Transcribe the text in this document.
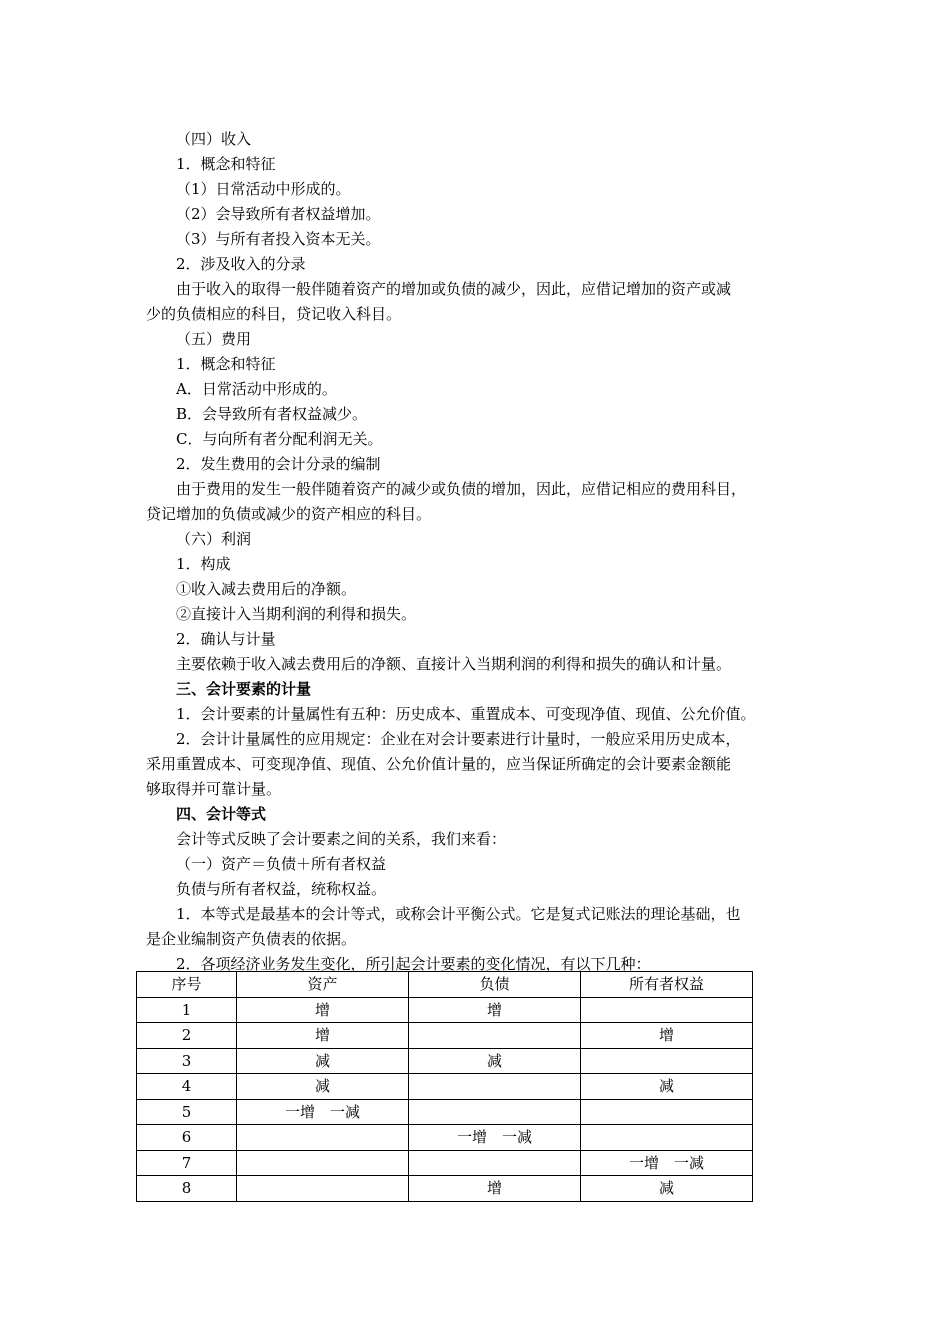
（四）收入

1．概念和特征

（1）日常活动中形成的。

（2）会导致所有者权益增加。

（3）与所有者投入资本无关。

2．涉及收入的分录

由于收入的取得一般伴随着资产的增加或负债的减少，因此，应借记增加的资产或减

少的负债相应的科目，贷记收入科目。

（五）费用

1．概念和特征

A．日常活动中形成的。

B．会导致所有者权益减少。

C．与向所有者分配利润无关。

2．发生费用的会计分录的编制

由于费用的发生一般伴随着资产的减少或负债的增加，因此，应借记相应的费用科目，

贷记增加的负债或减少的资产相应的科目。

（六）利润

1．构成

①收入减去费用后的净额。

②直接计入当期利润的利得和损失。

2．确认与计量

主要依赖于收入减去费用后的净额、直接计入当期利润的利得和损失的确认和计量。

三、会计要素的计量

1．会计要素的计量属性有五种：历史成本、重置成本、可变现净值、现值、公允价值。

2．会计计量属性的应用规定：企业在对会计要素进行计量时，一般应采用历史成本，

采用重置成本、可变现净值、现值、公允价值计量的，应当保证所确定的会计要素金额能

够取得并可靠计量。

四、会计等式

会计等式反映了会计要素之间的关系，我们来看：

（一）资产＝负债＋所有者权益

负债与所有者权益，统称权益。

1．本等式是最基本的会计等式，或称会计平衡公式。它是复式记账法的理论基础，也

是企业编制资产负债表的依据。

2．各项经济业务发生变化，所引起会计要素的变化情况，有以下几种：

序号	资产	负债	所有者权益
1	增	增	
2	增		增
3	减	减	
4	减		减
5	一增　一减		
6		一增　一减	
7			一增　一减
8		增	减
